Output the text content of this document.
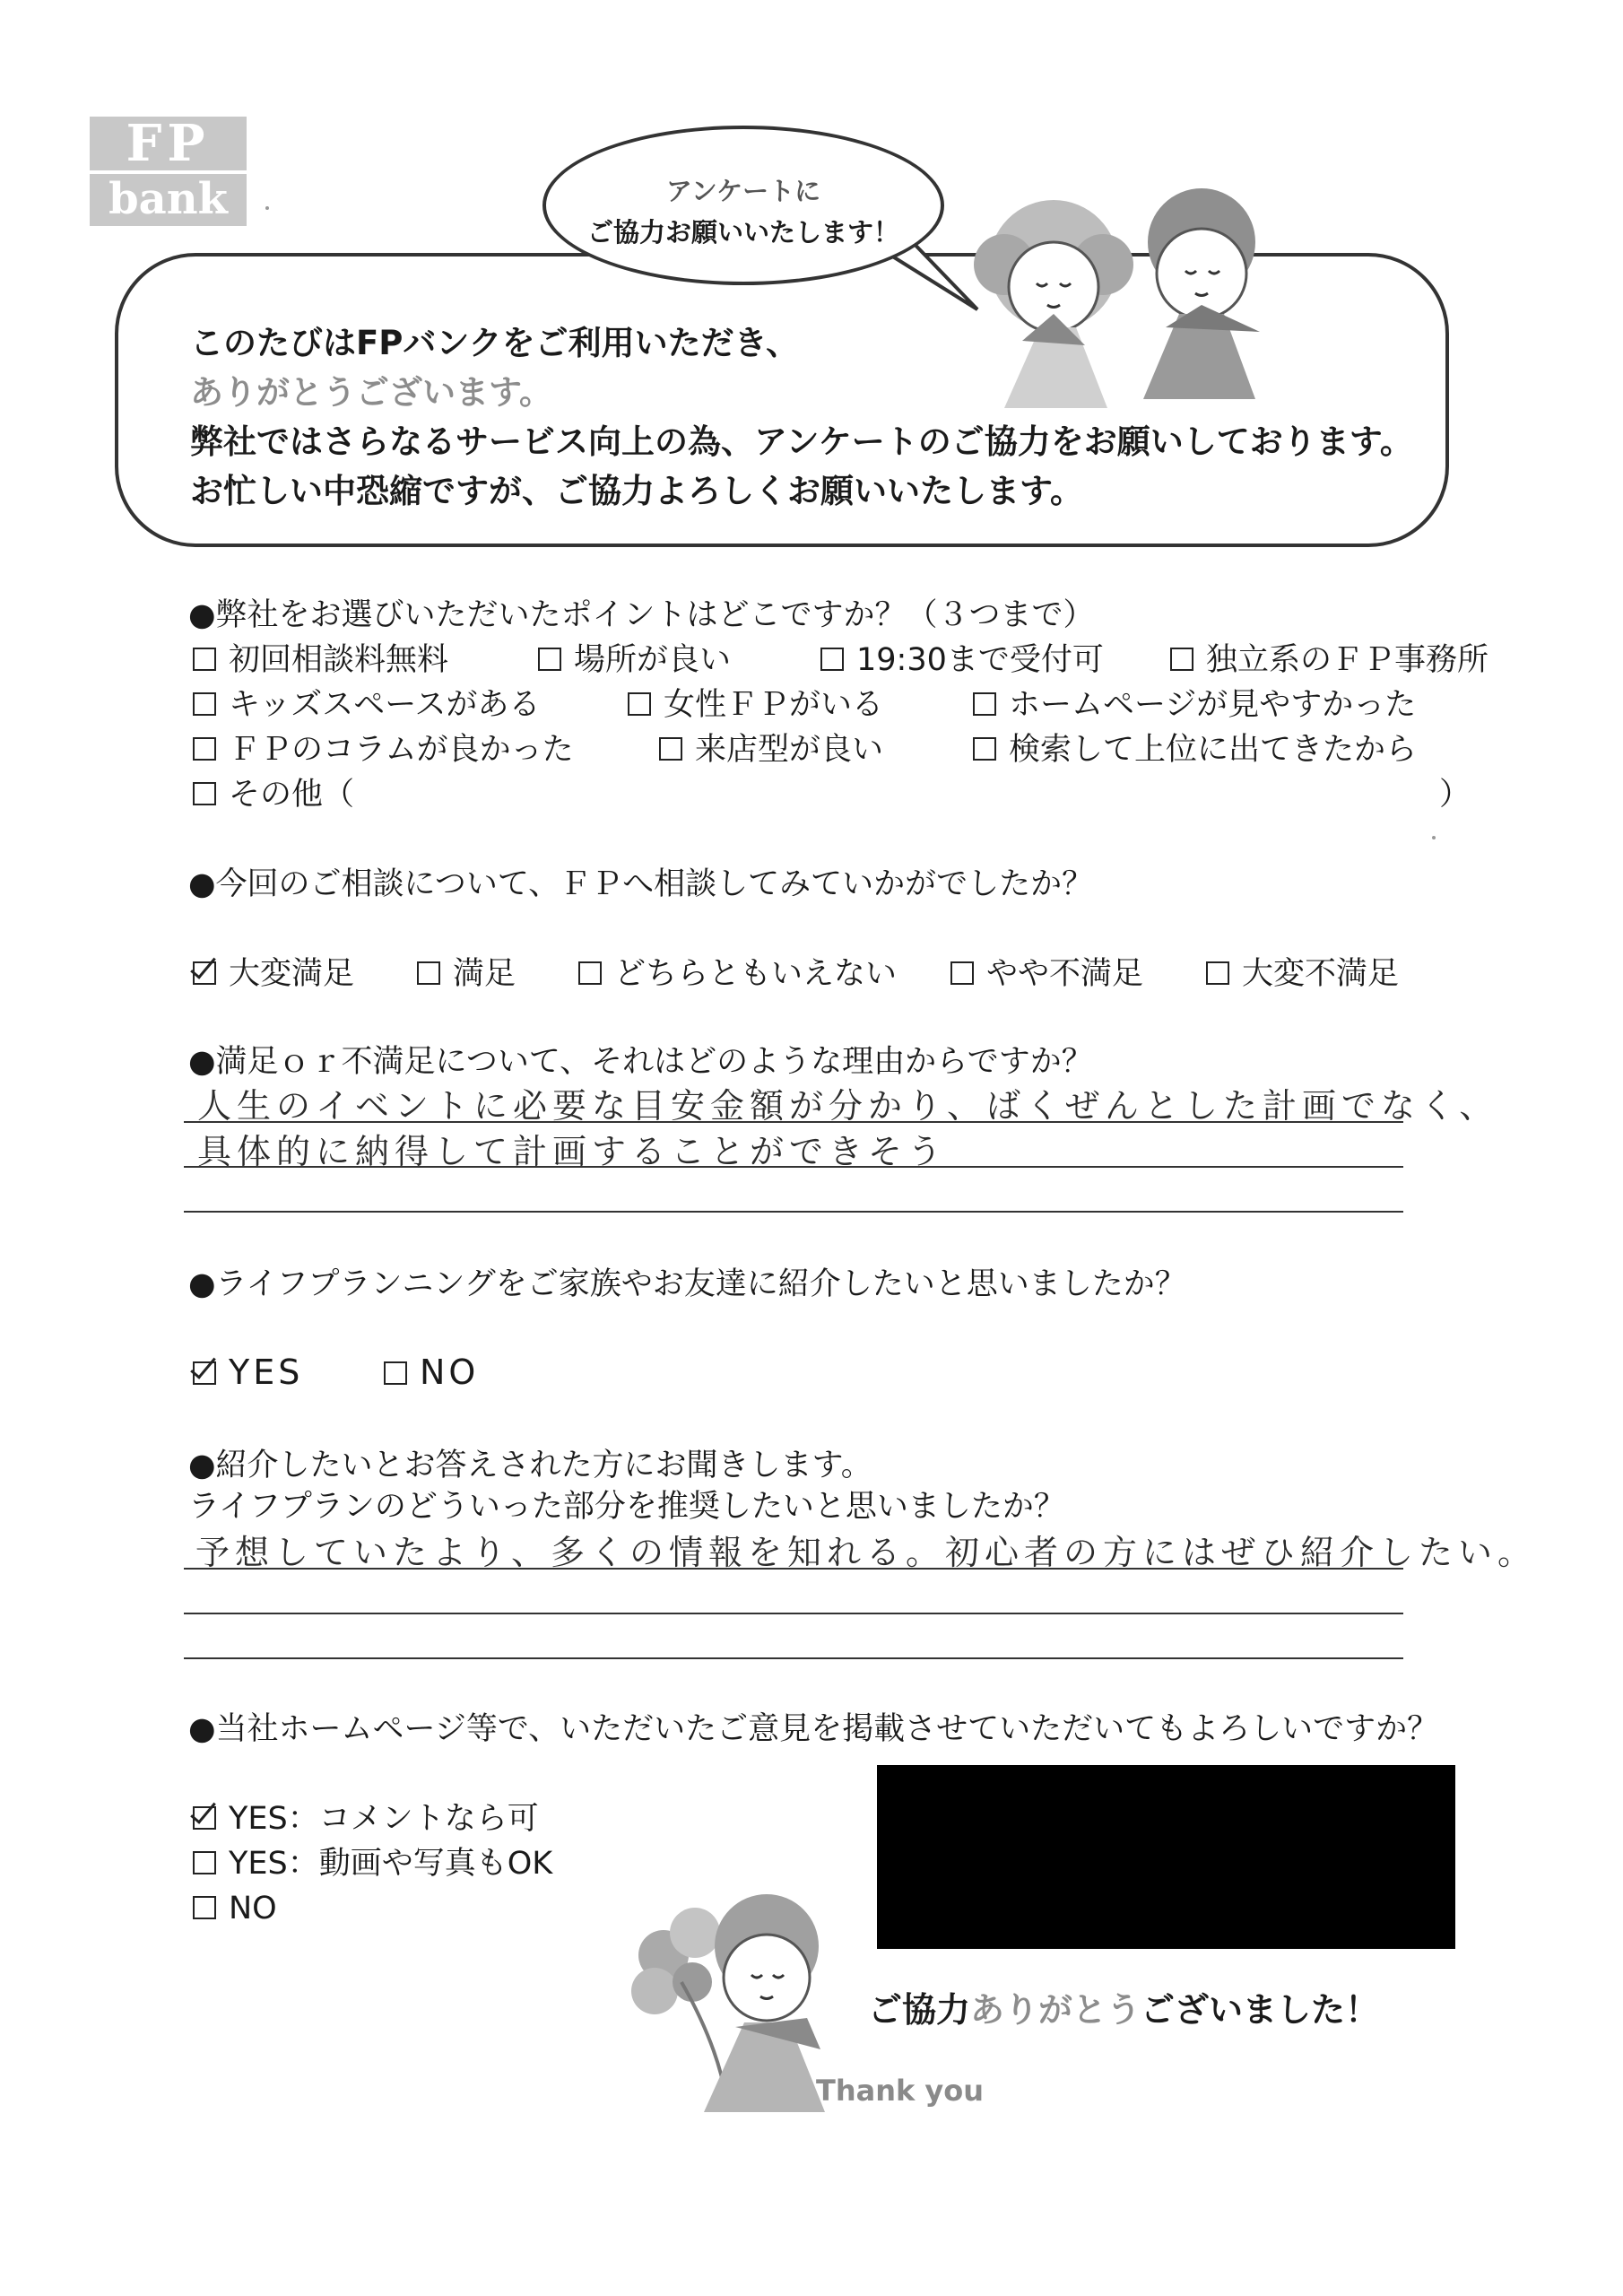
FP
bank
このたびはFPバンクをご利用いただき、
ありがとうございます。
弊社ではさらなるサービス向上の為、アンケートのご協力をお願いしております。
お忙しい中恐縮ですが、ご協力よろしくお願いいたします。
アンケートに
ご協力お願いいたします！
●弊社をお選びいただいたポイントはどこですか？（３つまで）
初回相談料無料	場所が良い	19:30まで受付可	独立系のＦＰ事務所
キッズスペースがある	女性ＦＰがいる	ホームページが見やすかった
ＦＰのコラムが良かった	来店型が良い	検索して上位に出てきたから
その他（	）
●今回のご相談について、ＦＰへ相談してみていかがでしたか？
大変満足	満足	どちらともいえない	やや不満足	大変不満足
●満足ｏｒ不満足について、それはどのような理由からですか？
人生のイベントに必要な目安金額が分かり、ばくぜんとした計画でなく、
具体的に納得して計画することができそう
●ライフプランニングをご家族やお友達に紹介したいと思いましたか？
YES	NO
●紹介したいとお答えされた方にお聞きします。
ライフプランのどういった部分を推奨したいと思いましたか？
予想していたより、多くの情報を知れる。初心者の方にはぜひ紹介したい。
●当社ホームページ等で、いただいたご意見を掲載させていただいてもよろしいですか？
YES：コメントなら可
YES：動画や写真もOK
NO
ご協力ありがとうございました！
Thank you
